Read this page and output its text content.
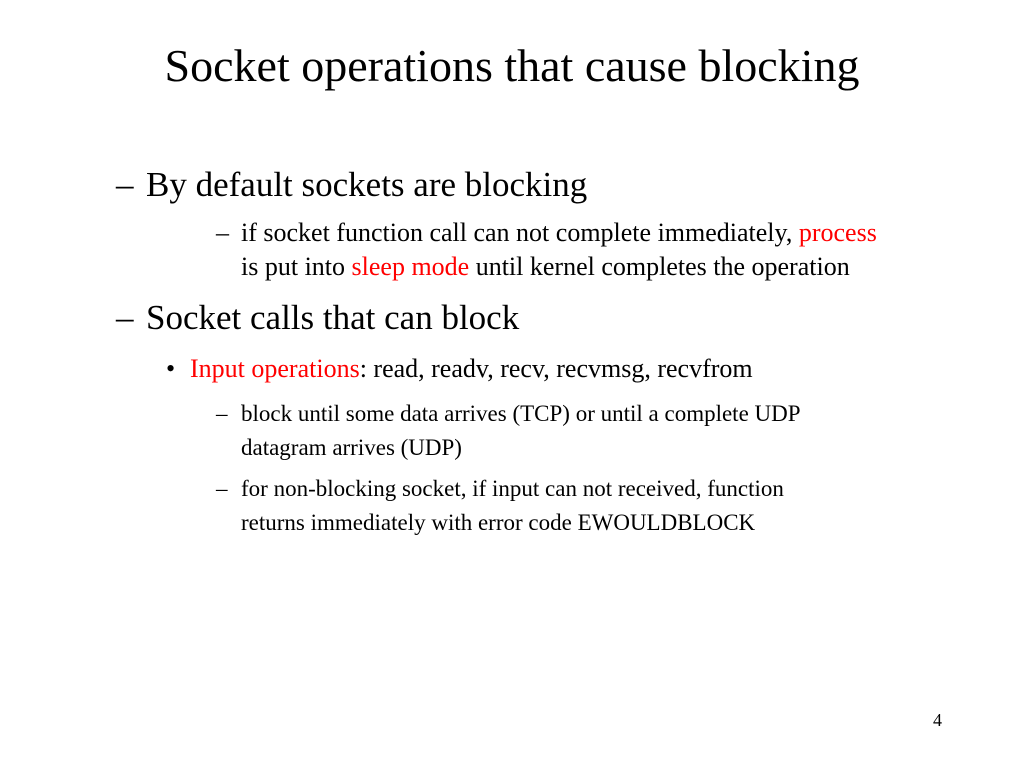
Socket operations that cause blocking
– By default sockets are blocking
– if socket function call can not complete immediately, process
is put into sleep mode until kernel completes the operation
– Socket calls that can block
• Input operations: read, readv, recv, recvmsg, recvfrom
– block until some data arrives (TCP) or until a complete UDP
datagram arrives (UDP)
– for non-blocking socket, if input can not received, function
returns immediately with error code EWOULDBLOCK
4
